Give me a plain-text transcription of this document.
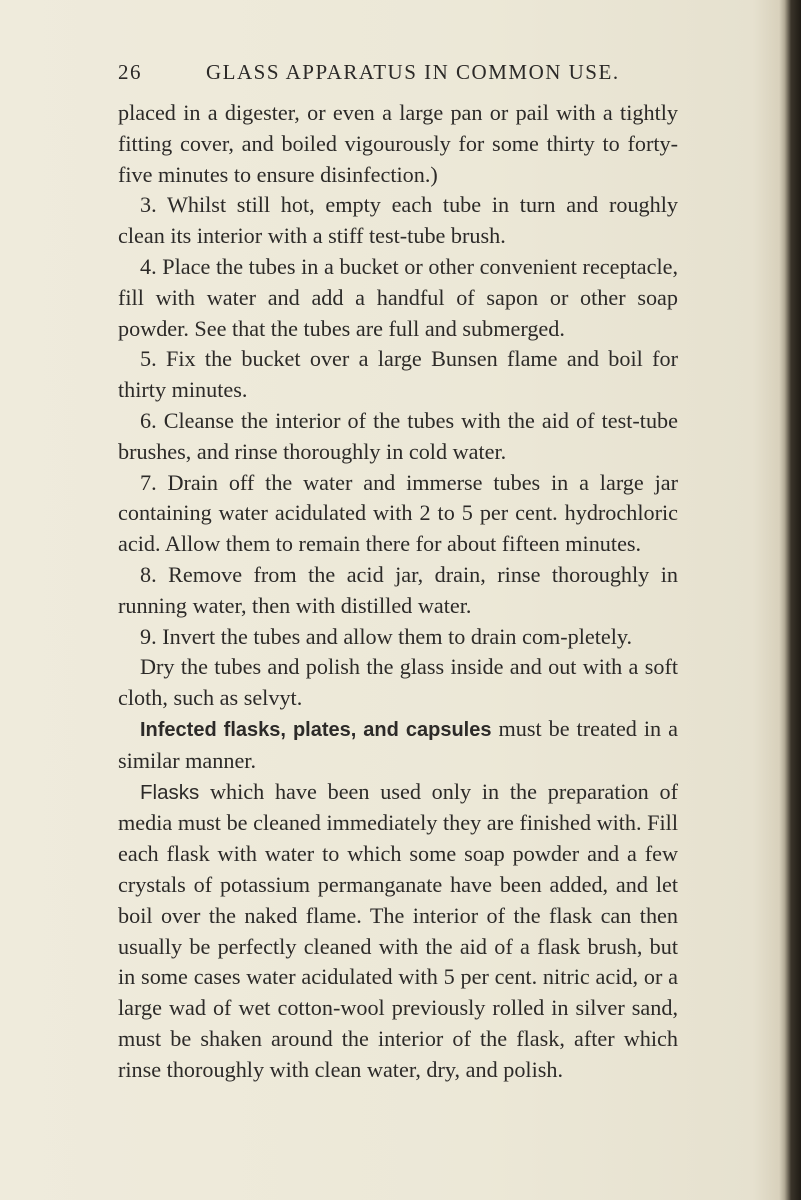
26	GLASS APPARATUS IN COMMON USE.

placed in a digester, or even a large pan or pail with a tightly fitting cover, and boiled vigourously for some thirty to forty-five minutes to ensure disinfection.)

3. Whilst still hot, empty each tube in turn and roughly clean its interior with a stiff test-tube brush.

4. Place the tubes in a bucket or other convenient receptacle, fill with water and add a handful of sapon or other soap powder. See that the tubes are full and submerged.

5. Fix the bucket over a large Bunsen flame and boil for thirty minutes.

6. Cleanse the interior of the tubes with the aid of test-tube brushes, and rinse thoroughly in cold water.

7. Drain off the water and immerse tubes in a large jar containing water acidulated with 2 to 5 per cent. hydrochloric acid. Allow them to remain there for about fifteen minutes.

8. Remove from the acid jar, drain, rinse thoroughly in running water, then with distilled water.

9. Invert the tubes and allow them to drain com-pletely.

Dry the tubes and polish the glass inside and out with a soft cloth, such as selvyt.

Infected flasks, plates, and capsules must be treated in a similar manner.

Flasks which have been used only in the preparation of media must be cleaned immediately they are finished with. Fill each flask with water to which some soap powder and a few crystals of potassium permanganate have been added, and let boil over the naked flame. The interior of the flask can then usually be perfectly cleaned with the aid of a flask brush, but in some cases water acidulated with 5 per cent. nitric acid, or a large wad of wet cotton-wool previously rolled in silver sand, must be shaken around the interior of the flask, after which rinse thoroughly with clean water, dry, and polish.
